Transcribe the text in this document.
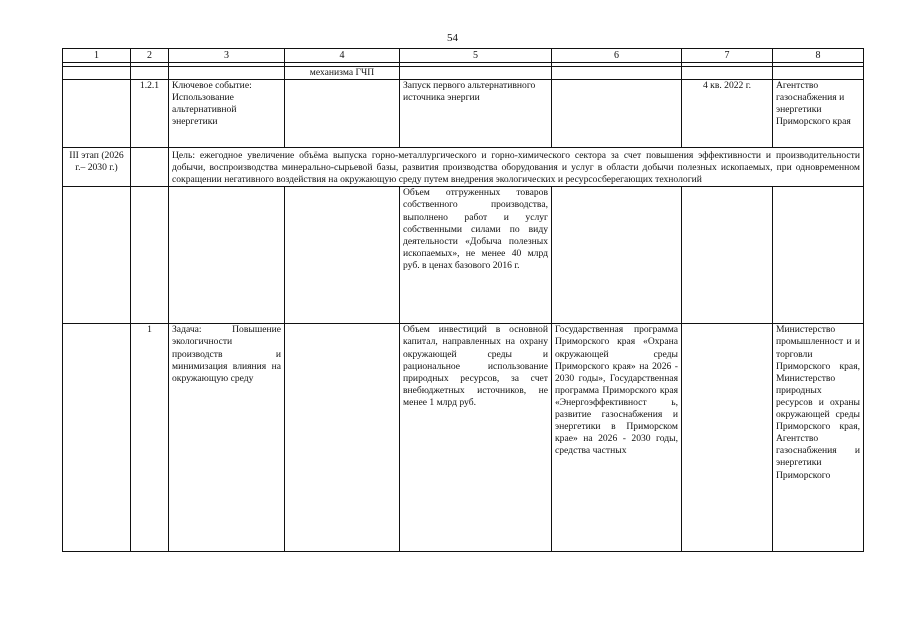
54
1	2	3	4	5	6	7	8

			механизма ГЧП				
	1.2.1	Ключевое событие: Использование альтернативной энергетики		Запуск первого альтернативного источника энергии		4 кв. 2022 г.	Агентство газоснабжения и энергетики Приморского края
III этап (2026 г.– 2030 г.)		Цель: ежегодное увеличение объёма выпуска горно-металлургического и горно-химического сектора за счет повышения эффективности и производительности добычи, воспроизводства минерально-сырьевой базы, развития производства оборудования и услуг в области добычи полезных ископаемых, при одновременном сокращении негативного воздействия на окружающую среду путем внедрения экологических и ресурсосберегающих технологий					
				Объем отгруженных товаров собственного производства, выполнено работ и услуг собственными силами по виду деятельности «Добыча полезных ископаемых», не менее 40 млрд руб. в ценах базового 2016 г.			
	1	Задача: Повышение экологичности производств и минимизация влияния на окружающую среду		Объем инвестиций в основной капитал, направленных на охрану окружающей среды и рациональное использование природных ресурсов, за счет внебюджетных источников, не менее 1 млрд руб.	Государственная программа Приморского края «Охрана окружающей среды Приморского края» на 2026 - 2030 годы», Государственная программа Приморского края «Энергоэффективност ь, развитие газоснабжения и энергетики в Приморском крае» на 2026 - 2030 годы, средства частных		Министерство промышленност и и торговли Приморского края, Министерство природных ресурсов и охраны окружающей среды Приморского края, Агентство газоснабжения и энергетики Приморского
